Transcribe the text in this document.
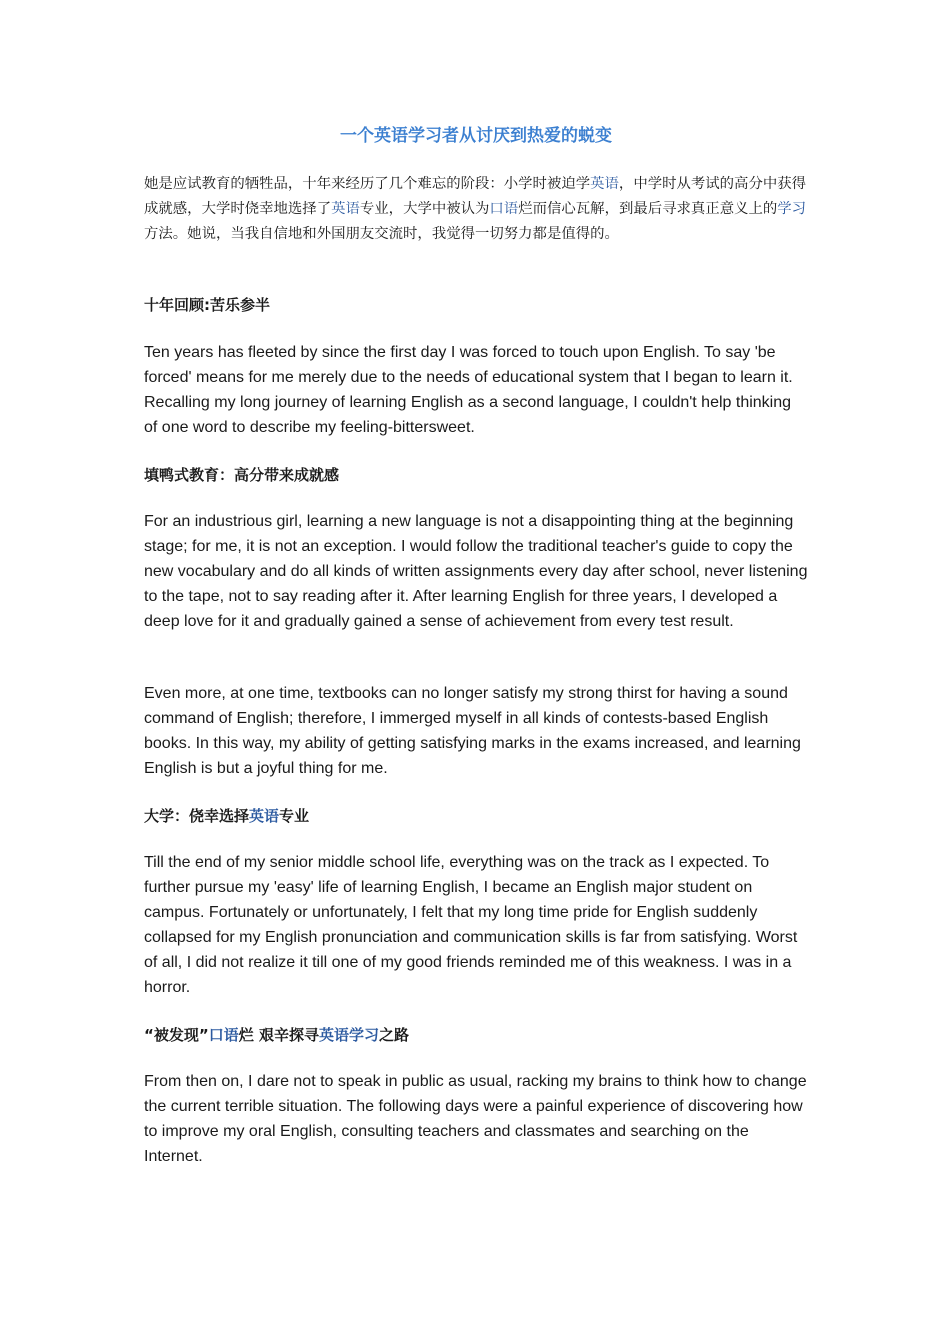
一个英语学习者从讨厌到热爱的蜕变
她是应试教育的牺牲品，十年来经历了几个难忘的阶段：小学时被迫学英语，中学时从考试的高分中获得成就感，大学时侥幸地选择了英语专业，大学中被认为口语烂而信心瓦解，到最后寻求真正意义上的学习方法。她说，当我自信地和外国朋友交流时，我觉得一切努力都是值得的。
十年回顾:苦乐参半
Ten years has fleeted by since the first day I was forced to touch upon English. To say 'be forced' means for me merely due to the needs of educational system that I began to learn it. Recalling my long journey of learning English as a second language, I couldn't help thinking of one word to describe my feeling-bittersweet.
填鸭式教育：高分带来成就感
For an industrious girl, learning a new language is not a disappointing thing at the beginning stage; for me, it is not an exception. I would follow the traditional teacher's guide to copy the new vocabulary and do all kinds of written assignments every day after school, never listening to the tape, not to say reading after it. After learning English for three years, I developed a deep love for it and gradually gained a sense of achievement from every test result.
Even more, at one time, textbooks can no longer satisfy my strong thirst for having a sound command of English; therefore, I immerged myself in all kinds of contests-based English books. In this way, my ability of getting satisfying marks in the exams increased, and learning English is but a joyful thing for me.
大学：侥幸选择英语专业
Till the end of my senior middle school life, everything was on the track as I expected. To further pursue my 'easy' life of learning English, I became an English major student on campus. Fortunately or unfortunately, I felt that my long time pride for English suddenly collapsed for my English pronunciation and communication skills is far from satisfying. Worst of all, I did not realize it till one of my good friends reminded me of this weakness. I was in a horror.
“被发现”口语烂 艰辛探寻英语学习之路
From then on, I dare not to speak in public as usual, racking my brains to think how to change the current terrible situation. The following days were a painful experience of discovering how to improve my oral English, consulting teachers and classmates and searching on the Internet.
